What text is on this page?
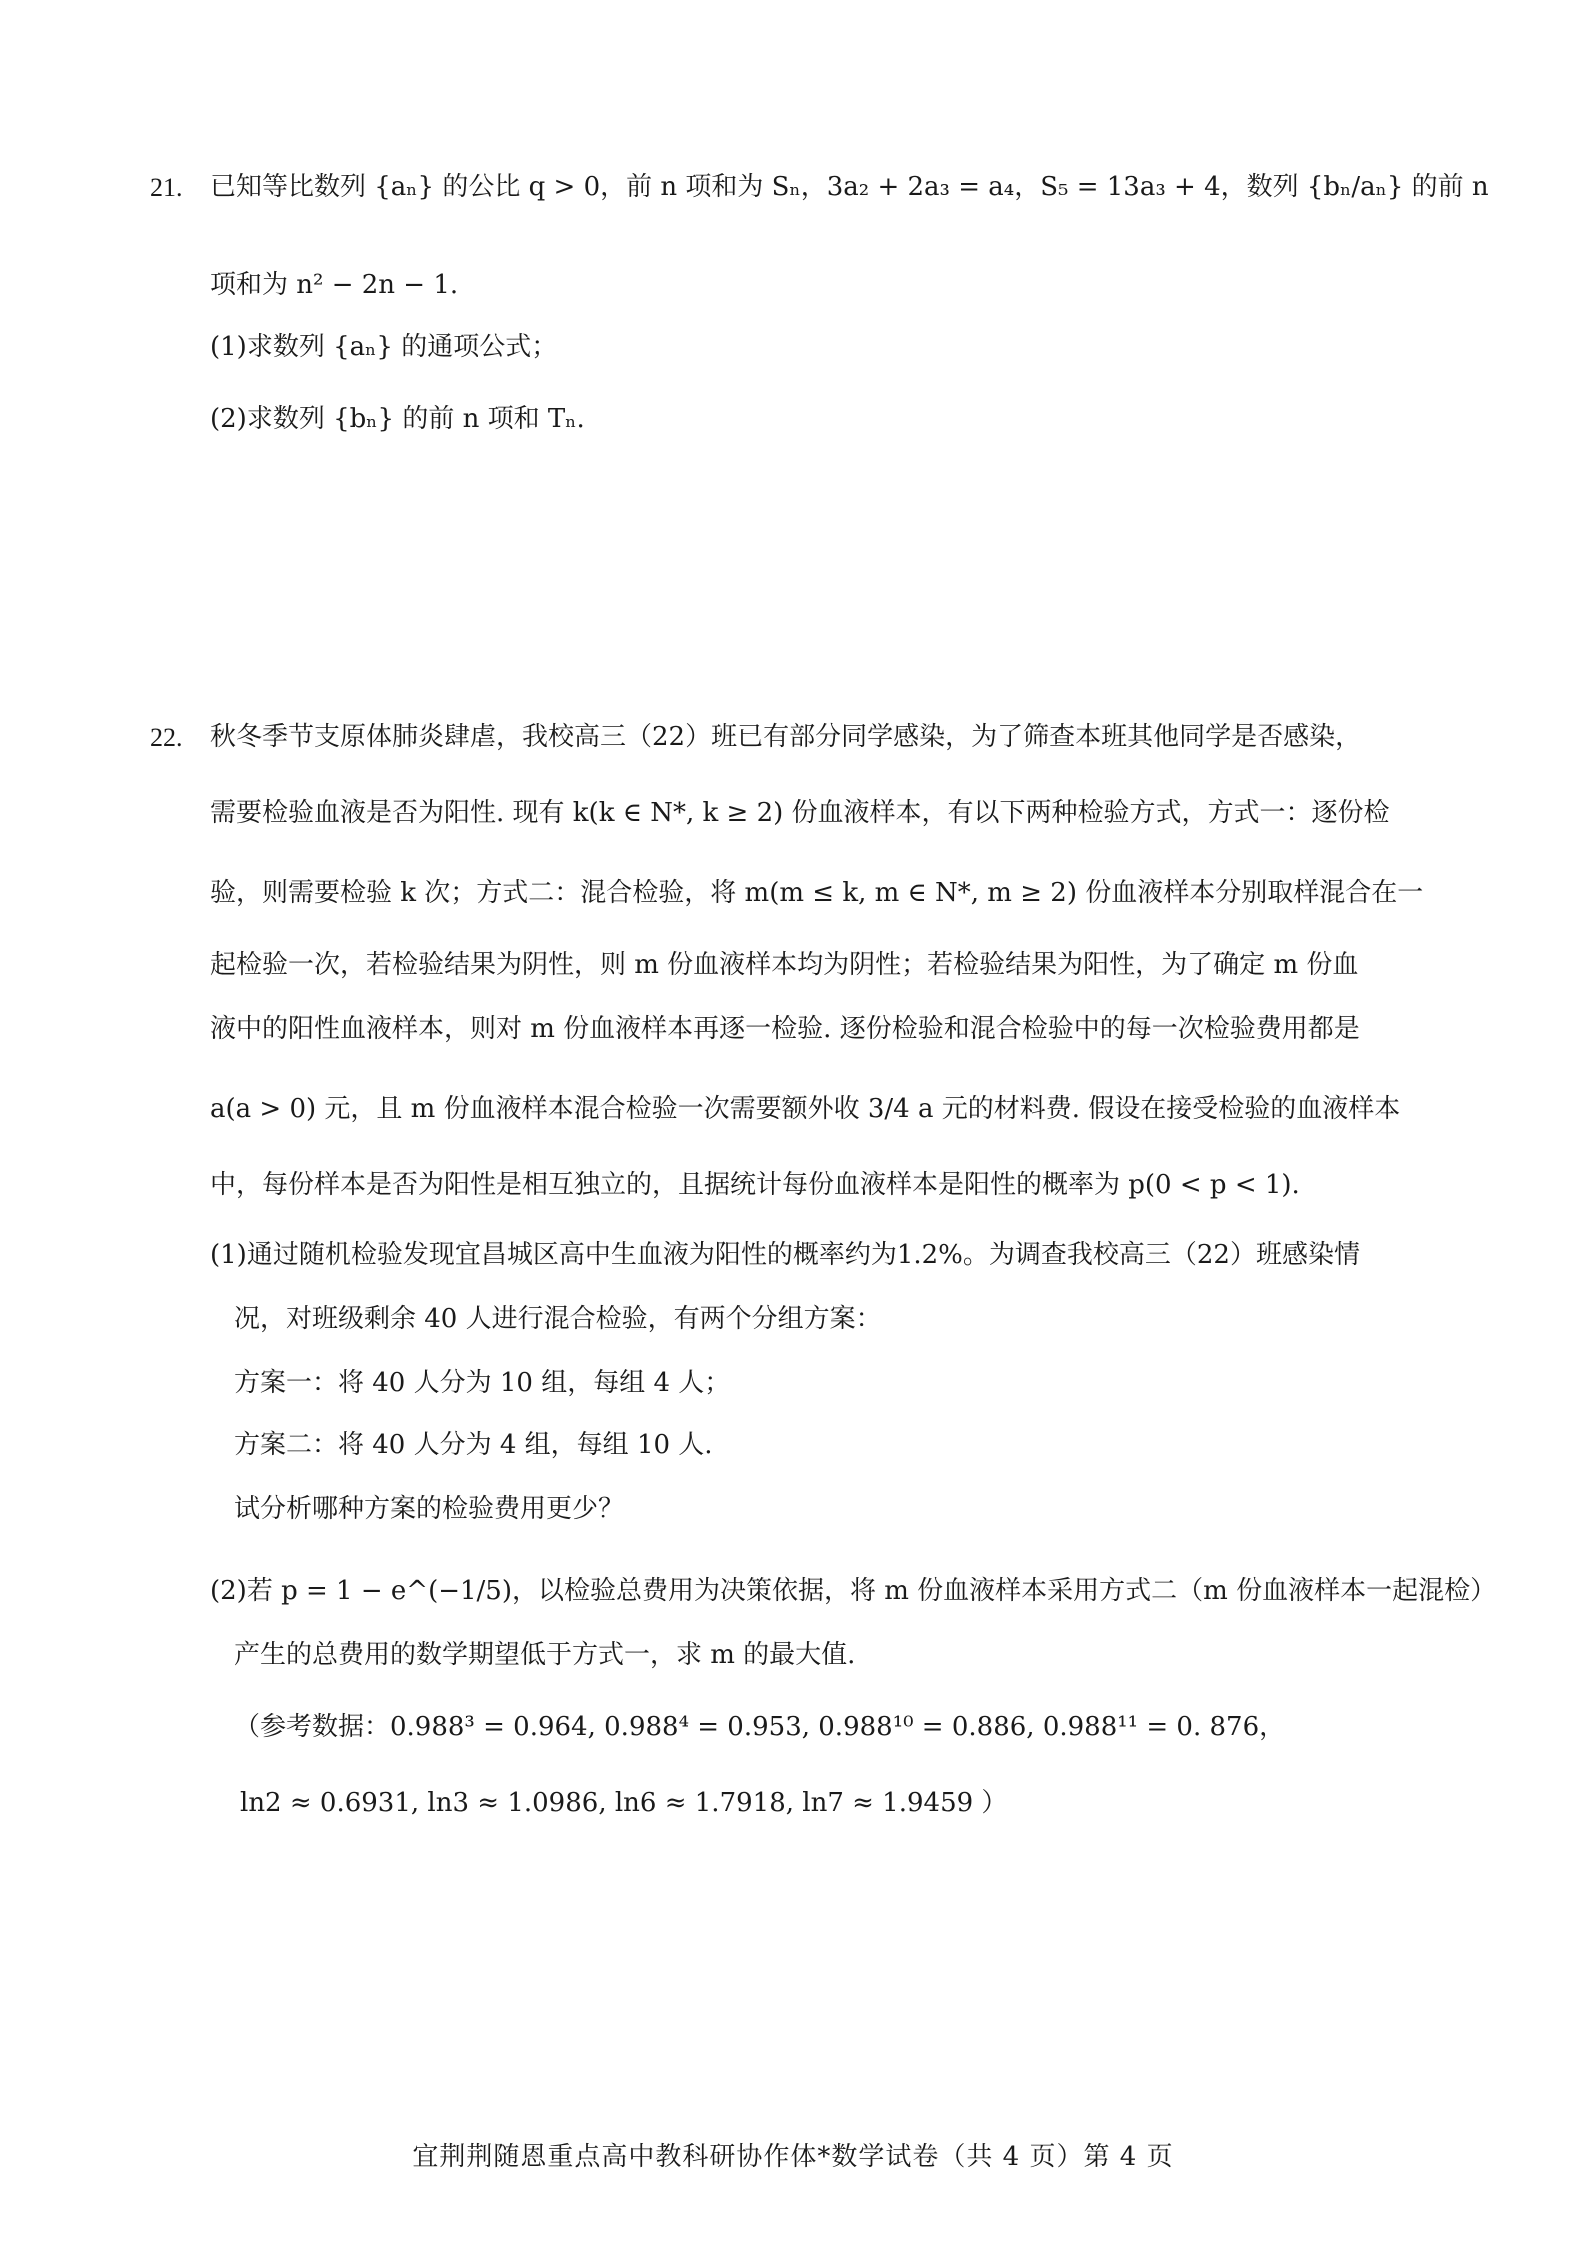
21. 已知等比数列 {aₙ} 的公比 q > 0，前 n 项和为 Sₙ，3a₂ + 2a₃ = a₄，S₅ = 13a₃ + 4，数列 {bₙ/aₙ} 的前 n
项和为 n² − 2n − 1.
(1)求数列 {aₙ} 的通项公式；
(2)求数列 {bₙ} 的前 n 项和 Tₙ.
22. 秋冬季节支原体肺炎肆虐，我校高三（22）班已有部分同学感染，为了筛查本班其他同学是否感染，
需要检验血液是否为阳性. 现有 k(k ∈ N*, k ≥ 2) 份血液样本，有以下两种检验方式，方式一：逐份检
验，则需要检验 k 次；方式二：混合检验，将 m(m ≤ k, m ∈ N*, m ≥ 2) 份血液样本分别取样混合在一
起检验一次，若检验结果为阴性，则 m 份血液样本均为阴性；若检验结果为阳性，为了确定 m 份血
液中的阳性血液样本，则对 m 份血液样本再逐一检验. 逐份检验和混合检验中的每一次检验费用都是
a(a > 0) 元，且 m 份血液样本混合检验一次需要额外收 3/4 a 元的材料费. 假设在接受检验的血液样本
中，每份样本是否为阳性是相互独立的，且据统计每份血液样本是阳性的概率为 p(0 < p < 1).
(1)通过随机检验发现宜昌城区高中生血液为阳性的概率约为1.2%。为调查我校高三（22）班感染情
况，对班级剩余 40 人进行混合检验，有两个分组方案：
方案一：将 40 人分为 10 组，每组 4 人；
方案二：将 40 人分为 4 组，每组 10 人.
试分析哪种方案的检验费用更少？
(2)若 p = 1 − e^(−1/5)，以检验总费用为决策依据，将 m 份血液样本采用方式二（m 份血液样本一起混检）
产生的总费用的数学期望低于方式一，求 m 的最大值.
（参考数据：0.988³ = 0.964, 0.988⁴ = 0.953, 0.988¹⁰ = 0.886, 0.988¹¹ = 0. 876，
ln2 ≈ 0.6931, ln3 ≈ 1.0986, ln6 ≈ 1.7918, ln7 ≈ 1.9459 ）
宜荆荆随恩重点高中教科研协作体*数学试卷（共 4 页）第 4 页
